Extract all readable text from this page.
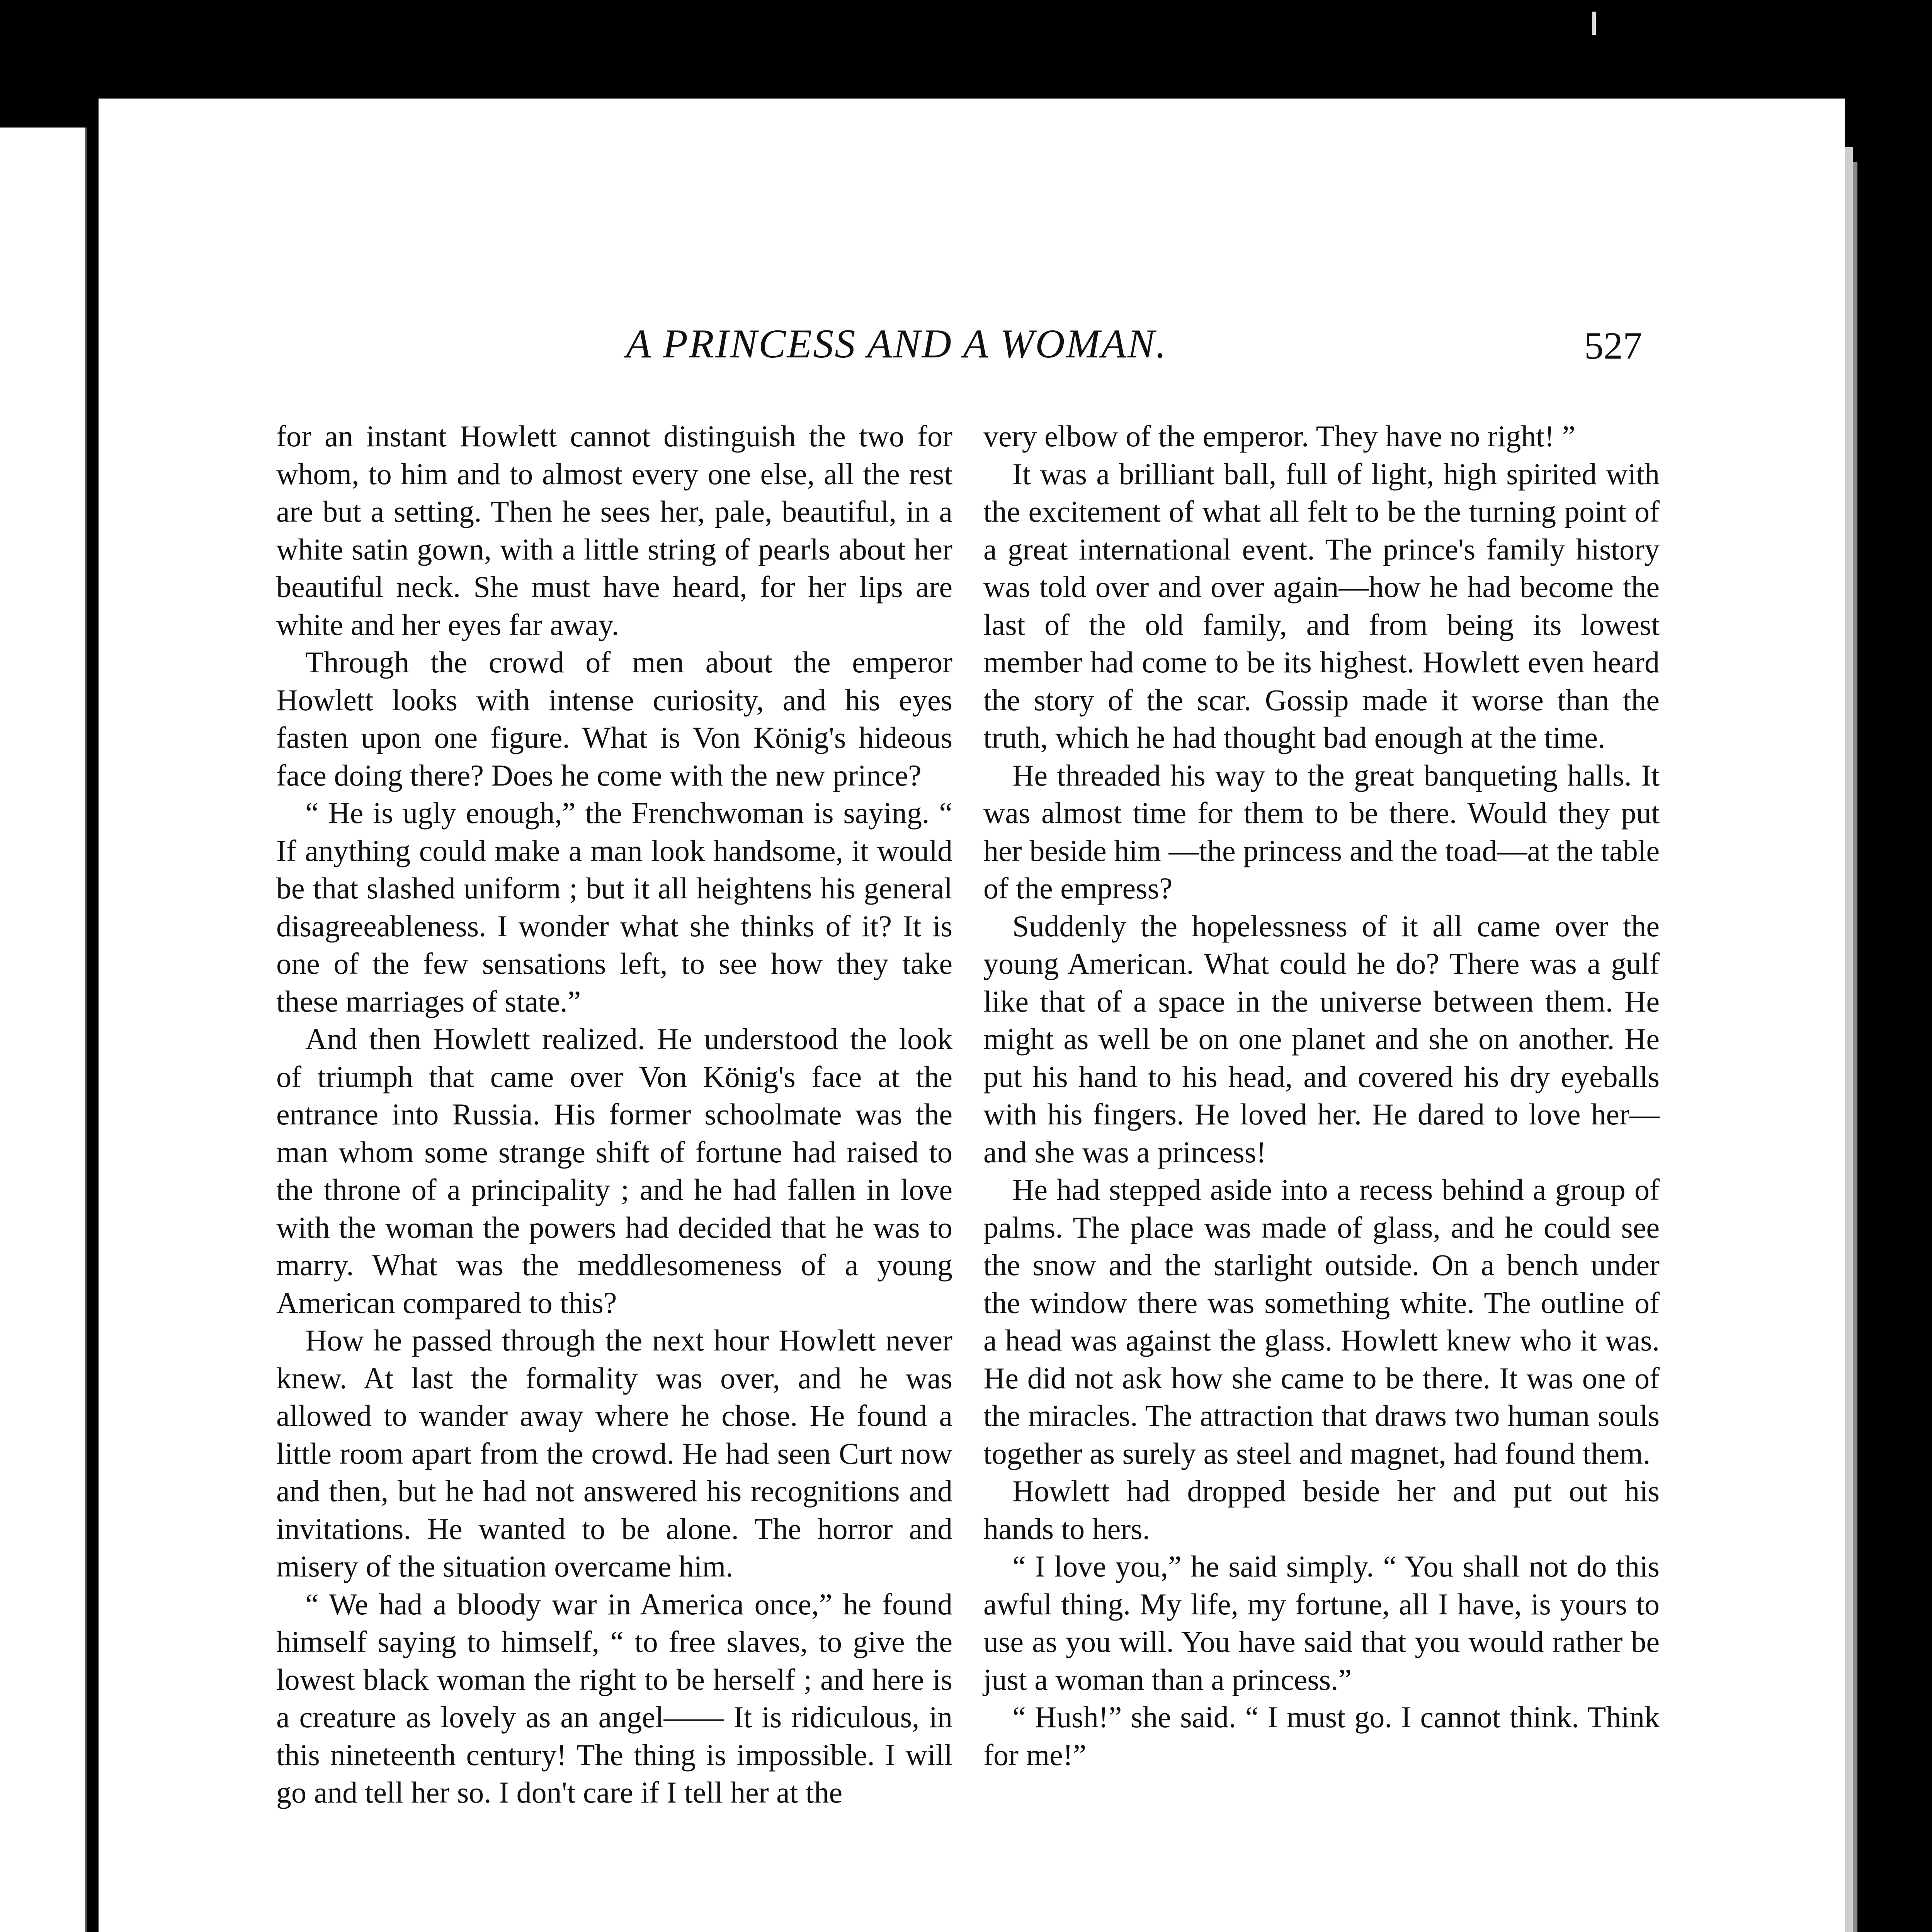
A PRINCESS AND A WOMAN.	527

for an instant Howlett cannot distinguish the two for whom, to him and to almost every one else, all the rest are but a setting. Then he sees her, pale, beautiful, in a white satin gown, with a little string of pearls about her beautiful neck. She must have heard, for her lips are white and her eyes far away.

Through the crowd of men about the emperor Howlett looks with intense curiosity, and his eyes fasten upon one figure. What is Von König's hideous face doing there? Does he come with the new prince?

“ He is ugly enough,” the Frenchwoman is saying. “ If anything could make a man look handsome, it would be that slashed uniform ; but it all heightens his general disagreeableness. I wonder what she thinks of it? It is one of the few sensations left, to see how they take these marriages of state.”

And then Howlett realized. He understood the look of triumph that came over Von König's face at the entrance into Russia. His former schoolmate was the man whom some strange shift of fortune had raised to the throne of a principality ; and he had fallen in love with the woman the powers had decided that he was to marry. What was the meddlesomeness of a young American compared to this?

How he passed through the next hour Howlett never knew. At last the formality was over, and he was allowed to wander away where he chose. He found a little room apart from the crowd. He had seen Curt now and then, but he had not answered his recognitions and invitations. He wanted to be alone. The horror and misery of the situation overcame him.

“ We had a bloody war in America once,” he found himself saying to himself, “ to free slaves, to give the lowest black woman the right to be herself ; and here is a creature as lovely as an angel—— It is ridiculous, in this nineteenth century! The thing is impossible. I will go and tell her so. I don't care if I tell her at the

very elbow of the emperor. They have no right! ”

It was a brilliant ball, full of light, high spirited with the excitement of what all felt to be the turning point of a great international event. The prince's family history was told over and over again—how he had become the last of the old family, and from being its lowest member had come to be its highest. Howlett even heard the story of the scar. Gossip made it worse than the truth, which he had thought bad enough at the time.

He threaded his way to the great banqueting halls. It was almost time for them to be there. Would they put her beside him —the princess and the toad—at the table of the empress?

Suddenly the hopelessness of it all came over the young American. What could he do? There was a gulf like that of a space in the universe between them. He might as well be on one planet and she on another. He put his hand to his head, and covered his dry eyeballs with his fingers. He loved her. He dared to love her—and she was a princess!

He had stepped aside into a recess behind a group of palms. The place was made of glass, and he could see the snow and the starlight outside. On a bench under the window there was something white. The outline of a head was against the glass. Howlett knew who it was. He did not ask how she came to be there. It was one of the miracles. The attraction that draws two human souls together as surely as steel and magnet, had found them.

Howlett had dropped beside her and put out his hands to hers.

“ I love you,” he said simply. “ You shall not do this awful thing. My life, my fortune, all I have, is yours to use as you will. You have said that you would rather be just a woman than a princess.”

“ Hush!” she said. “ I must go. I cannot think. Think for me!”
